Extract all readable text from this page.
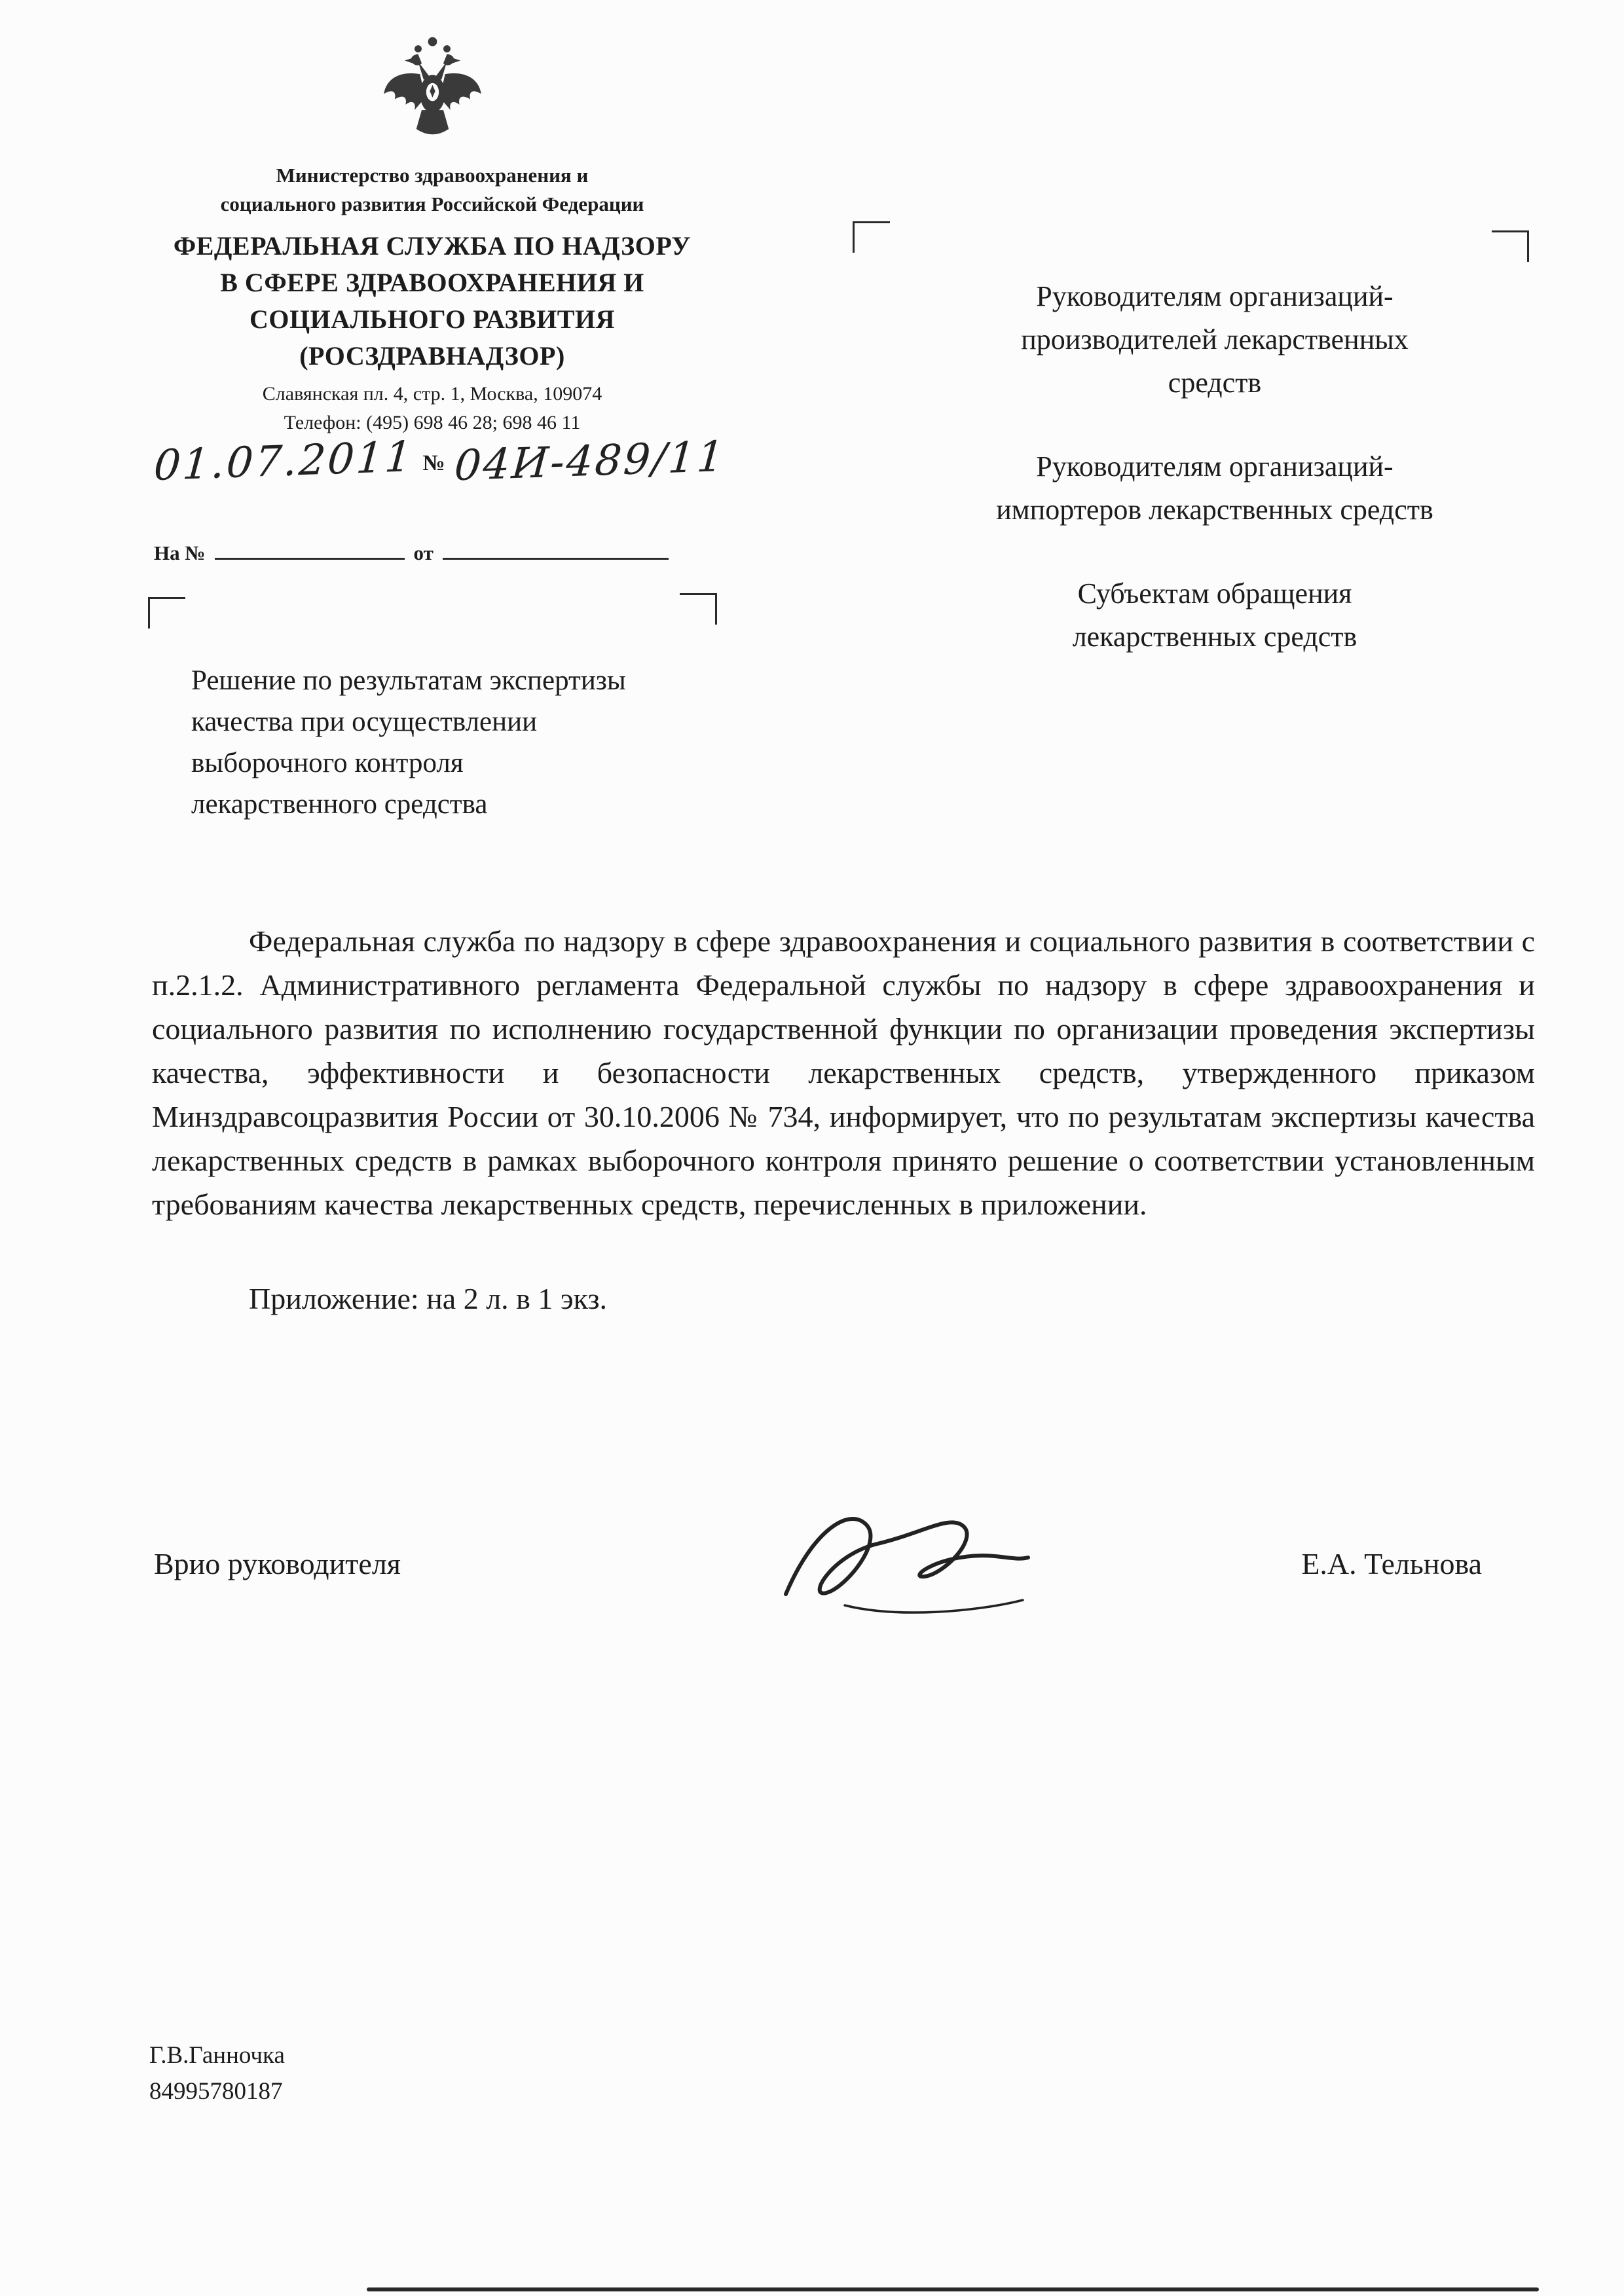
Министерство здравоохранения и
социального развития Российской Федерации
ФЕДЕРАЛЬНАЯ СЛУЖБА ПО НАДЗОРУ
В СФЕРЕ ЗДРАВООХРАНЕНИЯ И
СОЦИАЛЬНОГО РАЗВИТИЯ
(РОСЗДРАВНАДЗОР)
Славянская пл. 4, стр. 1, Москва, 109074
Телефон: (495) 698 46 28; 698 46 11
01.07.2011 № 04И-489/11
На №	от
Руководителям организаций-
производителей лекарственных
средств
Руководителям организаций-
импортеров лекарственных средств
Субъектам обращения
лекарственных средств
Решение по результатам экспертизы
качества при осуществлении
выборочного контроля
лекарственного средства

Федеральная служба по надзору в сфере здравоохранения и социального развития в соответствии с п.2.1.2. Административного регламента Федеральной службы по надзору в сфере здравоохранения и социального развития по исполнению государственной функции по организации проведения экспертизы качества, эффективности и безопасности лекарственных средств, утвержденного приказом Минздравсоцразвития России от 30.10.2006 № 734, информирует, что по результатам экспертизы качества лекарственных средств в рамках выборочного контроля принято решение о соответствии установленным требованиям качества лекарственных средств, перечисленных в приложении.

Приложение: на 2 л. в 1 экз.

Врио руководителя	Е.А. Тельнова
Г.В.Ганночка
84995780187
